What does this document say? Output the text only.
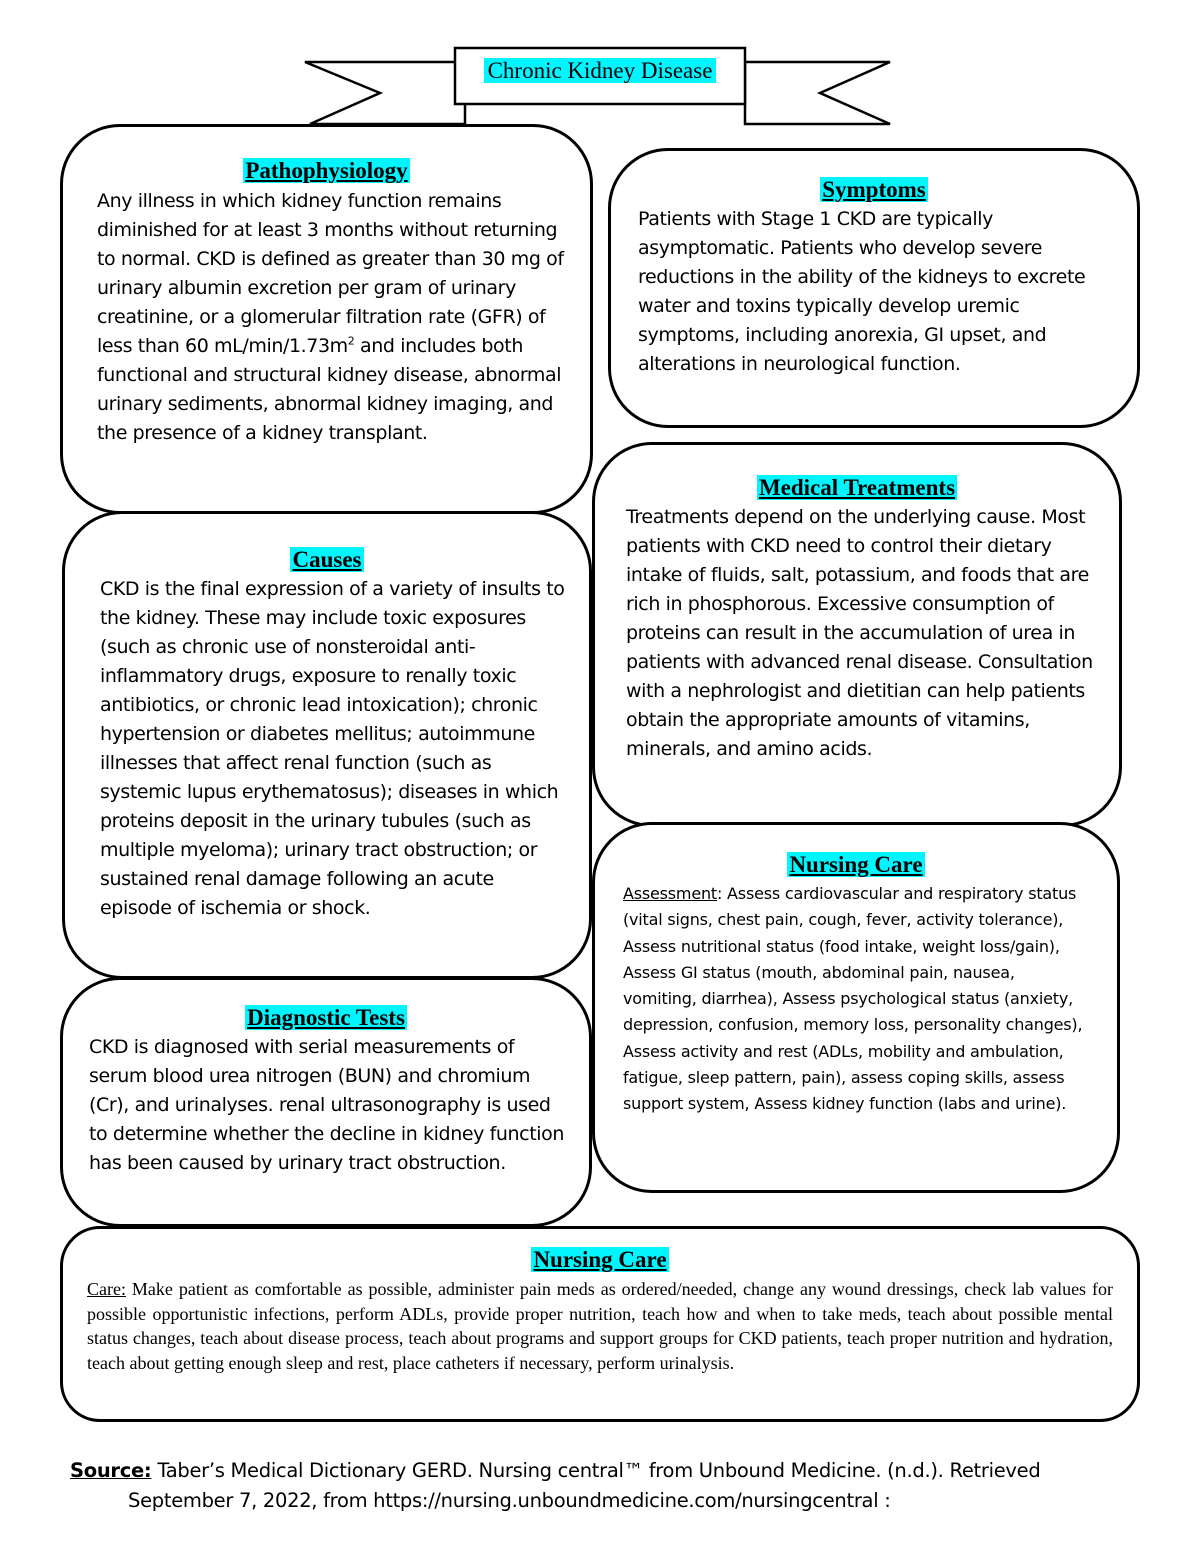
Chronic Kidney Disease
Pathophysiology
Any illness in which kidney function remains diminished for at least 3 months without returning to normal. CKD is defined as greater than 30 mg of urinary albumin excretion per gram of urinary creatinine, or a glomerular filtration rate (GFR) of less than 60 $mL/\min/1.73m^2$ and includes both functional and structural kidney disease, abnormal urinary sediments, abnormal kidney imaging, and the presence of a kidney transplant.
Symptoms
Patients with Stage 1 CKD are typically asymptomatic. Patients who develop severe reductions in the ability of the kidneys to excrete water and toxins typically develop uremic symptoms, including anorexia, GI upset, and alterations in neurological function.
Medical Treatments
Treatments depend on the underlying cause. Most patients with CKD need to control their dietary intake of fluids, salt, potassium, and foods that are rich in phosphorous. Excessive consumption of proteins can result in the accumulation of urea in patients with advanced renal disease. Consultation with a nephrologist and dietitian can help patients obtain the appropriate amounts of vitamins, minerals, and amino acids.
Causes
CKD is the final expression of a variety of insults to the kidney. These may include toxic exposures (such as chronic use of nonsteroidal anti-inflammatory drugs, exposure to renally toxic antibiotics, or chronic lead intoxication); chronic hypertension or diabetes mellitus; autoimmune illnesses that affect renal function (such as systemic lupus erythematosus); diseases in which proteins deposit in the urinary tubules (such as multiple myeloma); urinary tract obstruction; or sustained renal damage following an acute episode of ischemia or shock.
Nursing Care
Assessment: Assess cardiovascular and respiratory status (vital signs, chest pain, cough, fever, activity tolerance), Assess nutritional status (food intake, weight loss/gain), Assess GI status (mouth, abdominal pain, nausea, vomiting, diarrhea), Assess psychological status (anxiety, depression, confusion, memory loss, personality changes), Assess activity and rest (ADLs, mobility and ambulation, fatigue, sleep pattern, pain), assess coping skills, assess support system, Assess kidney function (labs and urine).
Diagnostic Tests
CKD is diagnosed with serial measurements of serum blood urea nitrogen (BUN) and chromium (Cr), and urinalyses. renal ultrasonography is used to determine whether the decline in kidney function has been caused by urinary tract obstruction.
Nursing Care
Care: Make patient as comfortable as possible, administer pain meds as ordered/needed, change any wound dressings, check lab values for possible opportunistic infections, perform ADLs, provide proper nutrition, teach how and when to take meds, teach about possible mental status changes, teach about disease process, teach about programs and support groups for CKD patients, teach proper nutrition and hydration, teach about getting enough sleep and rest, place catheters if necessary, perform urinalysis.
Source: Taber’s Medical Dictionary GERD. Nursing central™ from Unbound Medicine. (n.d.). Retrieved
September 7, 2022, from https://nursing.unboundmedicine.com/nursingcentral :
